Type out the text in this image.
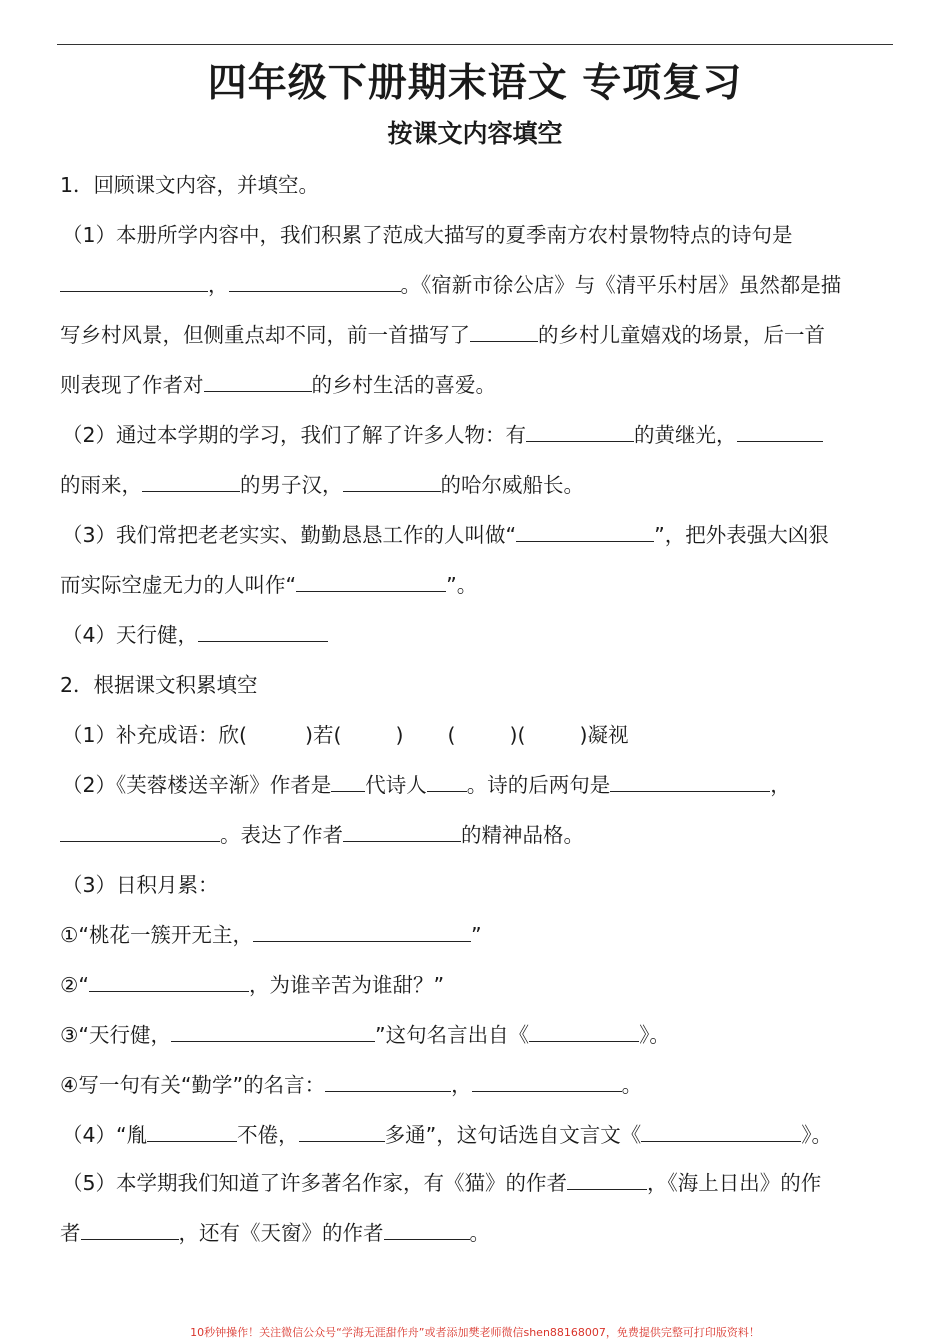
四年级下册期末语文 专项复习
按课文内容填空
1．回顾课文内容，并填空。
（1）本册所学内容中，我们积累了范成大描写的夏季南方农村景物特点的诗句是
，	。《宿新市徐公店》与《清平乐村居》虽然都是描
写乡村风景，但侧重点却不同，前一首描写了	的乡村儿童嬉戏的场景，后一首
则表现了作者对	的乡村生活的喜爱。
（2）通过本学期的学习，我们了解了许多人物：有	的黄继光，
的雨来，	的男子汉，	的哈尔威船长。
（3）我们常把老老实实、勤勤恳恳工作的人叫做“	”，把外表强大凶狠
而实际空虚无力的人叫作“	”。
（4）天行健，
2．根据课文积累填空
（1）补充成语：欣(	)若(	) (	)(	)凝视
（2）《芙蓉楼送辛渐》作者是 代诗人 。诗的后两句是	，
。表达了作者	的精神品格。
（3）日积月累：
①“桃花一簇开无主，	”
②“	，为谁辛苦为谁甜？”
③“天行健，	”这句名言出自《	》。
④写一句有关“勤学”的名言：	，	。
（4）“胤	不倦，	多通”，这句话选自文言文《	》。
（5）本学期我们知道了许多著名作家，有《猫》的作者	，《海上日出》的作
者	，还有《天窗》的作者	。
10秒钟操作！关注微信公众号“学海无涯甜作舟”或者添加樊老师微信shen88168007，免费提供完整可打印版资料！
